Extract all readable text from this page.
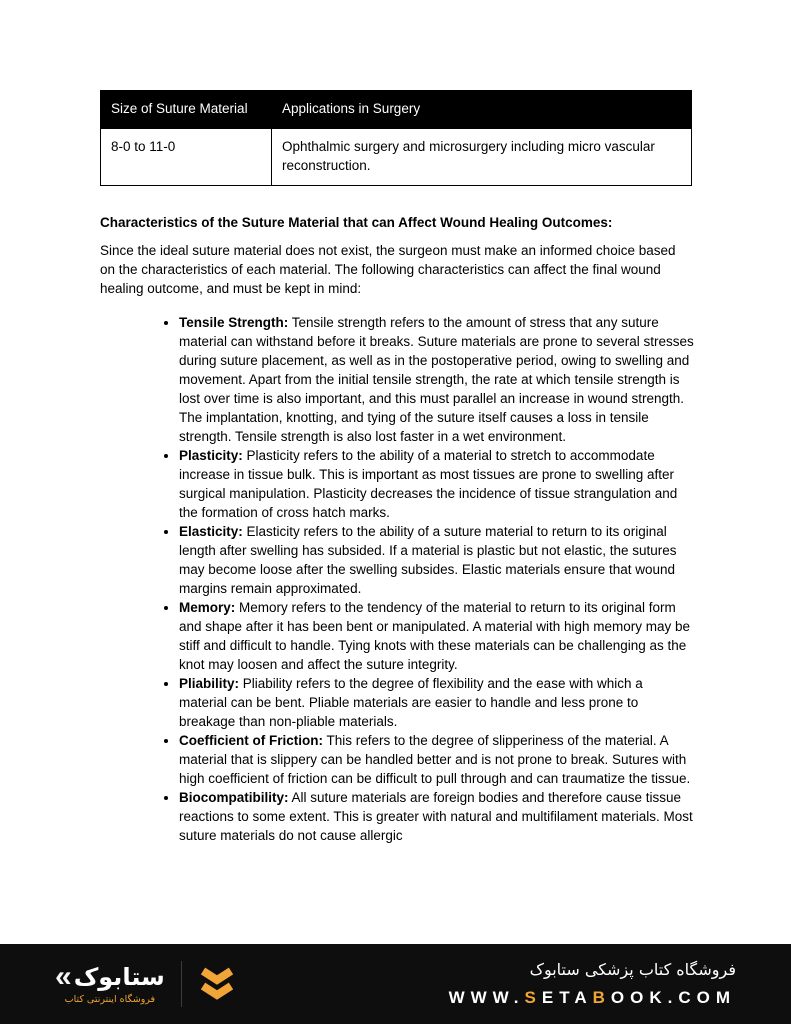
Size of Suture Material	Applications in Surgery
8-0 to 11-0	Ophthalmic surgery and microsurgery including micro vascular reconstruction.
Characteristics of the Suture Material that can Affect Wound Healing Outcomes:

Since the ideal suture material does not exist, the surgeon must make an informed choice based on the characteristics of each material. The following characteristics can affect the final wound healing outcome, and must be kept in mind:

• Tensile Strength: Tensile strength refers to the amount of stress that any suture material can withstand before it breaks. Suture materials are prone to several stresses during suture placement, as well as in the postoperative period, owing to swelling and movement. Apart from the initial tensile strength, the rate at which tensile strength is lost over time is also important, and this must parallel an increase in wound strength. The implantation, knotting, and tying of the suture itself causes a loss in tensile strength. Tensile strength is also lost faster in a wet environment.
• Plasticity: Plasticity refers to the ability of a material to stretch to accommodate increase in tissue bulk. This is important as most tissues are prone to swelling after surgical manipulation. Plasticity decreases the incidence of tissue strangulation and the formation of cross hatch marks.
• Elasticity: Elasticity refers to the ability of a suture material to return to its original length after swelling has subsided. If a material is plastic but not elastic, the sutures may become loose after the swelling subsides. Elastic materials ensure that wound margins remain approximated.
• Memory: Memory refers to the tendency of the material to return to its original form and shape after it has been bent or manipulated. A material with high memory may be stiff and difficult to handle. Tying knots with these materials can be challenging as the knot may loosen and affect the suture integrity.
• Pliability: Pliability refers to the degree of flexibility and the ease with which a material can be bent. Pliable materials are easier to handle and less prone to breakage than non-pliable materials.
• Coefficient of Friction: This refers to the degree of slipperiness of the material. A material that is slippery can be handled better and is not prone to break. Sutures with high coefficient of friction can be difficult to pull through and can traumatize the tissue.
• Biocompatibility: All suture materials are foreign bodies and therefore cause tissue reactions to some extent. This is greater with natural and multifilament materials. Most suture materials do not cause allergic
« ستابوک
فروشگاه اینترنتی کتاب
فروشگاه کتاب پزشکی ستابوک
WWW.SETABOOK.COM
